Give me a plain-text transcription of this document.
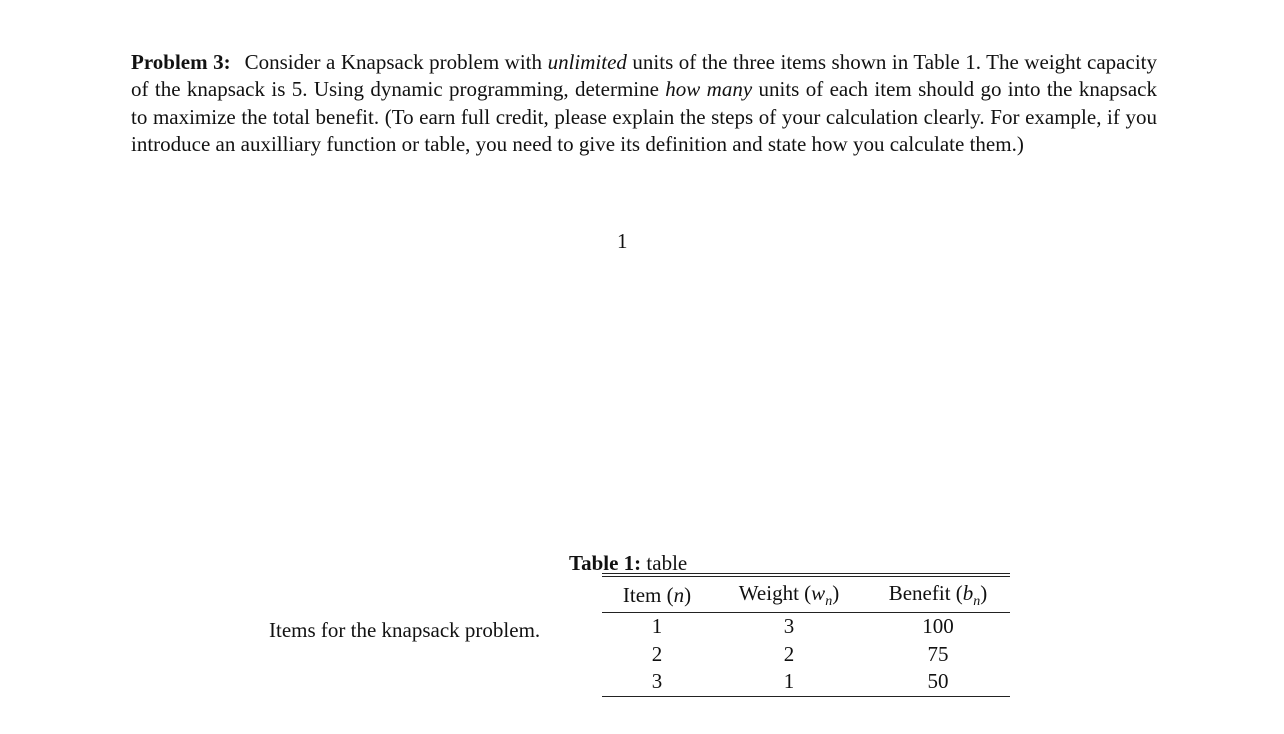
Problem 3: Consider a Knapsack problem with unlimited units of the three items shown in Table 1. The weight capacity of the knapsack is 5. Using dynamic programming, determine how many units of each item should go into the knapsack to maximize the total benefit. (To earn full credit, please explain the steps of your calculation clearly. For example, if you introduce an auxilliary function or table, you need to give its definition and state how you calculate them.)
1
Table 1: table
Items for the knapsack problem.
Item (n)	Weight $(w_n)$	Benefit $(b_n)$
1	3	100
2	2	75
3	1	50
